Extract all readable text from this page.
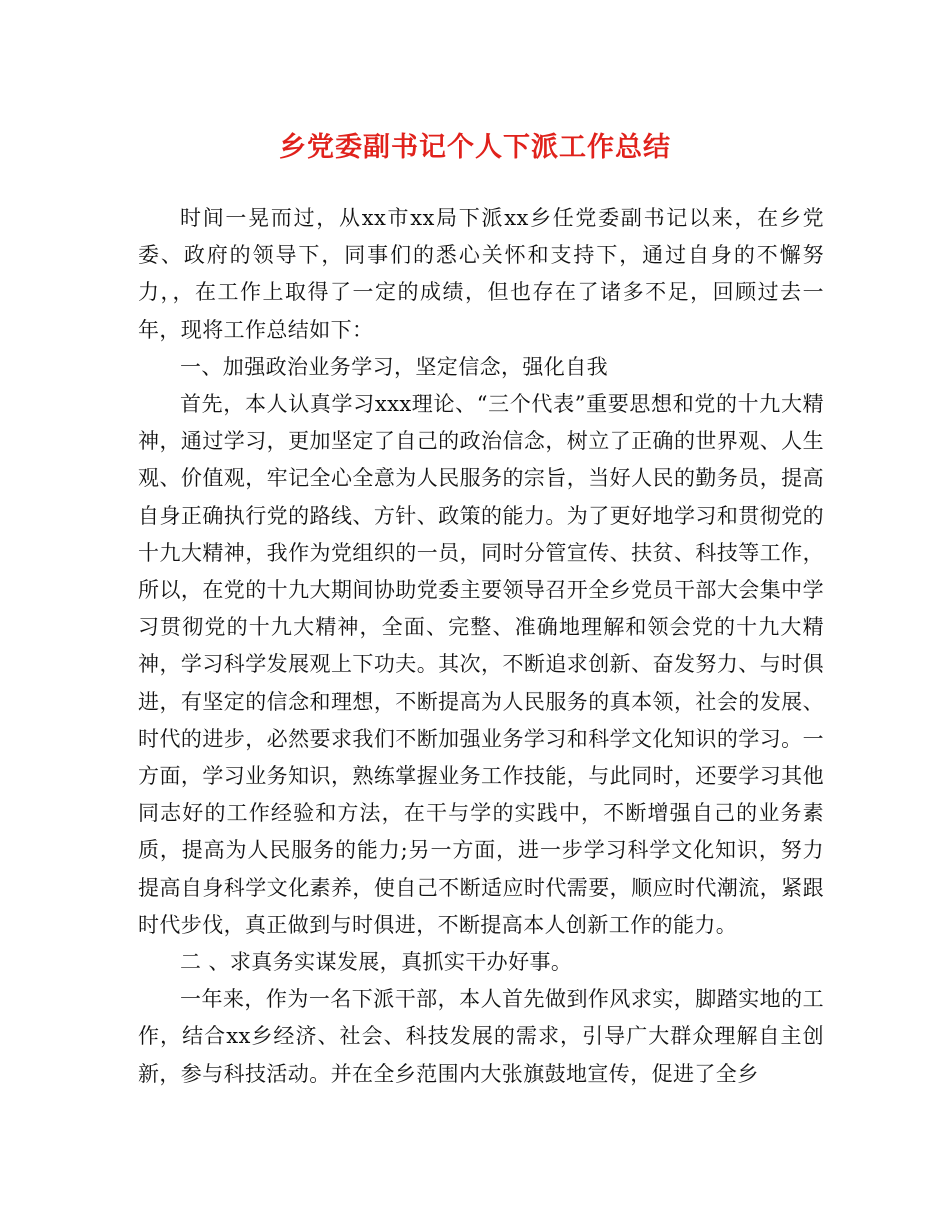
乡党委副书记个人下派工作总结

时间一晃而过，从xx市xx局下派xx乡任党委副书记以来，在乡党委、政府的领导下，同事们的悉心关怀和支持下，通过自身的不懈努力，，在工作上取得了一定的成绩，但也存在了诸多不足，回顾过去一年，现将工作总结如下：

一、加强政治业务学习，坚定信念，强化自我

首先，本人认真学习xxx理论、“三个代表”重要思想和党的十九大精神，通过学习，更加坚定了自己的政治信念，树立了正确的世界观、人生观、价值观，牢记全心全意为人民服务的宗旨，当好人民的勤务员，提高自身正确执行党的路线、方针、政策的能力。为了更好地学习和贯彻党的十九大精神，我作为党组织的一员，同时分管宣传、扶贫、科技等工作，所以，在党的十九大期间协助党委主要领导召开全乡党员干部大会集中学习贯彻党的十九大精神，全面、完整、准确地理解和领会党的十九大精神，学习科学发展观上下功夫。其次，不断追求创新、奋发努力、与时俱进，有坚定的信念和理想，不断提高为人民服务的真本领，社会的发展、时代的进步，必然要求我们不断加强业务学习和科学文化知识的学习。一方面，学习业务知识，熟练掌握业务工作技能，与此同时，还要学习其他同志好的工作经验和方法，在干与学的实践中，不断增强自己的业务素质，提高为人民服务的能力;另一方面，进一步学习科学文化知识，努力提高自身科学文化素养，使自己不断适应时代需要，顺应时代潮流，紧跟时代步伐，真正做到与时俱进，不断提高本人创新工作的能力。

二 、求真务实谋发展，真抓实干办好事。

一年来，作为一名下派干部，本人首先做到作风求实，脚踏实地的工作，结合xx乡经济、社会、科技发展的需求，引导广大群众理解自主创新，参与科技活动。并在全乡范围内大张旗鼓地宣传，促进了全乡
